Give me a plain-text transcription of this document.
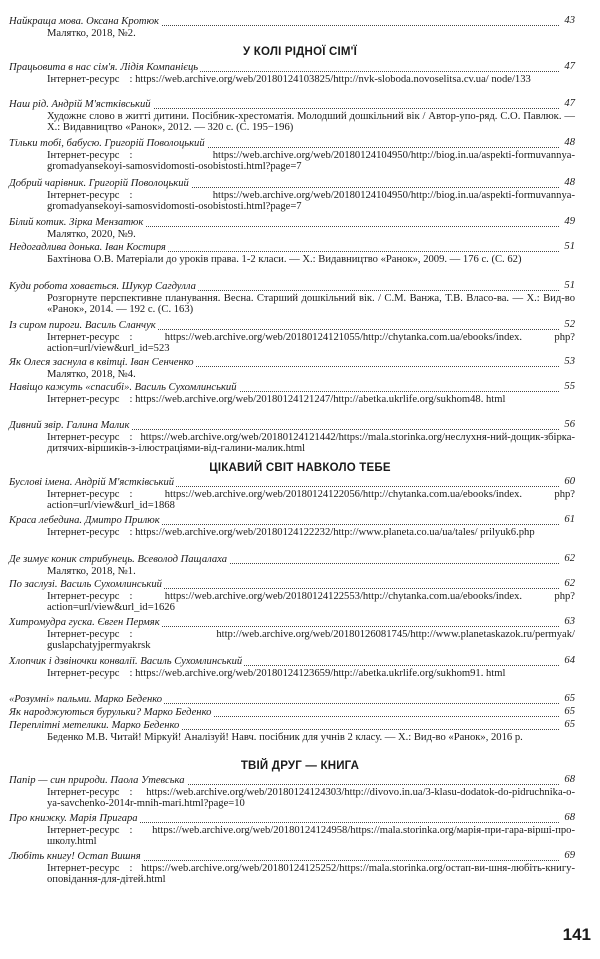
Найкраща мова. Оксана Кротюк	43
Малятко, 2018, №2.
У КОЛІ РІДНОЇ СІМ'Ї
Працьовита в нас сім'я. Лідія Компанієць	47
Інтернет-ресурс : https://web.archive.org/web/20180124103825/http://nvk-sloboda.novoselitsa.cv.ua/ node/133
Наш рід. Андрій М'ястківський	47
Художнє слово в житті дитини. Посібник-хрестоматія. Молодший дошкільний вік / Автор-упо-ряд. С.О. Павлюк. — Х.: Видавництво «Ранок», 2012. — 320 с. (С. 195−196)
Тільки тобі, бабусю. Григорій Поволоцький	48
Інтернет-ресурс : https://web.archive.org/web/20180124104950/http://biog.in.ua/aspekti-formuvannya-gromadyansekoyi-samosvidomosti-osobistosti.html?page=7
Добрий чарівник. Григорій Поволоцький	48
Інтернет-ресурс : https://web.archive.org/web/20180124104950/http://biog.in.ua/aspekti-formuvannya-gromadyansekoyi-samosvidomosti-osobistosti.html?page=7
Білий котик. Зірка Мензатюк	49
Малятко, 2020, №9.
Недогадлива донька. Іван Костиря	51
Бахтінова О.В. Матеріали до уроків права. 1-2 класи. — Х.: Видавництво «Ранок», 2009. — 176 с. (С. 62)
Куди робота ховається. Шукур Сагдулла	51
Розгорнуте перспективне планування. Весна. Старший дошкільний вік. / С.М. Ванжа, Т.В. Власо-ва. — Х.: Вид-во «Ранок», 2014. — 192 с. (С. 163)
Із сиром пироги. Василь Сланчук	52
Інтернет-ресурс : https://web.archive.org/web/20180124121055/http://chytanka.com.ua/ebooks/index. php?action=url/view&url_id=523
Як Олеся заснула в квітці. Іван Сенченко	53
Малятко, 2018, №4.
Навіщо кажуть «спасибі». Василь Сухомлинський	55
Інтернет-ресурс : https://web.archive.org/web/20180124121247/http://abetka.ukrlife.org/sukhom48. html
Дивний звір. Галина Малик	56
Інтернет-ресурс : https://web.archive.org/web/20180124121442/https://mala.storinka.org/неслухня-ний-дощик-збірка-дитячих-віршиків-з-ілюстраціями-від-галини-малик.html
ЦІКАВИЙ СВІТ НАВКОЛО ТЕБЕ
Буслові імена. Андрій М'ястківський	60
Інтернет-ресурс : https://web.archive.org/web/20180124122056/http://chytanka.com.ua/ebooks/index. php?action=url/view&url_id=1868
Краса лебедина. Дмитро Прилюк	61
Інтернет-ресурс : https://web.archive.org/web/20180124122232/http://www.planeta.co.ua/ua/tales/ prilyuk6.php
Де зимує коник стрибунець. Всеволод Пащалаха	62
Малятко, 2018, №1.
По заслузі. Василь Сухомлинський	62
Інтернет-ресурс : https://web.archive.org/web/20180124122553/http://chytanka.com.ua/ebooks/index. php?action=url/view&url_id=1626
Хитромудра гуска. Євген Пермяк	63
Інтернет-ресурс : http://web.archive.org/web/20180126081745/http://www.planetaskazok.ru/permyak/ guslapchatyjpermyakrsk
Хлопчик і дзвіночки конвалії. Василь Сухомлинський	64
Інтернет-ресурс : https://web.archive.org/web/20180124123659/http://abetka.ukrlife.org/sukhom91. html
«Розумні» пальми. Марко Беденко	65
Як народжуються бурульки? Марко Беденко	65
Переплітні метелики. Марко Беденко	65
Беденко М.В. Читай! Міркуй! Аналізуй! Навч. посібник для учнів 2 класу. — Х.: Вид-во «Ранок», 2016 р.
ТВІЙ ДРУГ — КНИГА
Папір — син природи. Паола Утевська	68
Інтернет-ресурс : https://web.archive.org/web/20180124124303/http://divovo.in.ua/3-klasu-dodatok-do-pidruchnika-o-ya-savchenko-2014r-mnih-mari.html?page=10
Про книжку. Марія Пригара	68
Інтернет-ресурс : https://web.archive.org/web/20180124124958/https://mala.storinka.org/марія-при-гара-вірші-про-школу.html
Любіть книгу! Остап Вишня	69
Інтернет-ресурс : https://web.archive.org/web/20180124125252/https://mala.storinka.org/остап-ви-шня-любіть-книгу-оповідання-для-дітей.html
141
